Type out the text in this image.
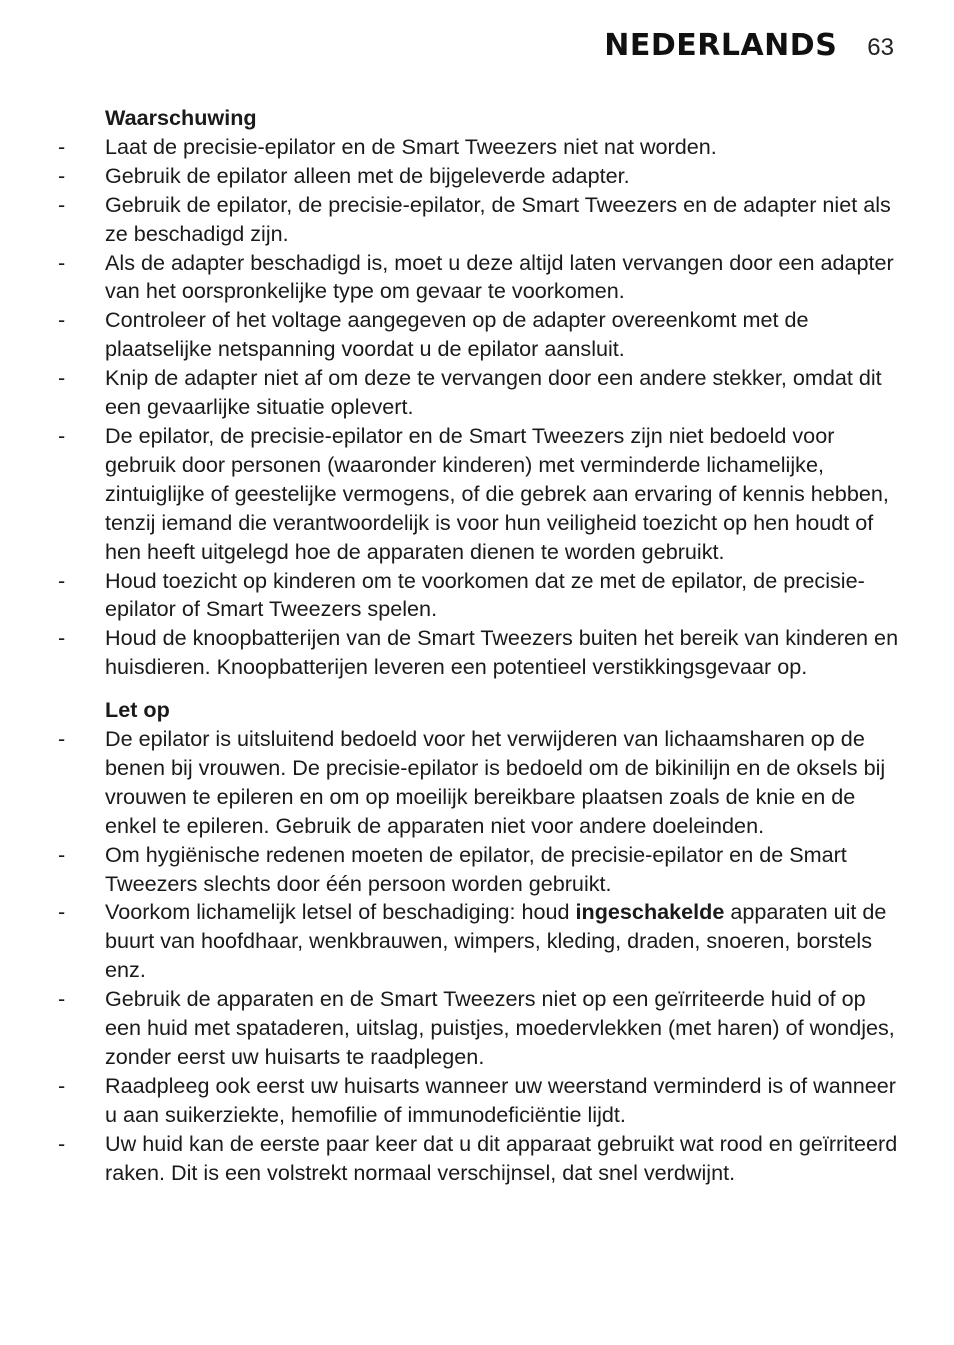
NEDERLANDS 63

Waarschuwing

- Laat de precisie-epilator en de Smart Tweezers niet nat worden.
- Gebruik de epilator alleen met de bijgeleverde adapter.
- Gebruik de epilator, de precisie-epilator, de Smart Tweezers en de adapter niet als ze beschadigd zijn.
- Als de adapter beschadigd is, moet u deze altijd laten vervangen door een adapter van het oorspronkelijke type om gevaar te voorkomen.
- Controleer of het voltage aangegeven op de adapter overeenkomt met de plaatselijke netspanning voordat u de epilator aansluit.
- Knip de adapter niet af om deze te vervangen door een andere stekker, omdat dit een gevaarlijke situatie oplevert.
- De epilator, de precisie-epilator en de Smart Tweezers zijn niet bedoeld voor gebruik door personen (waaronder kinderen) met verminderde lichamelijke, zintuiglijke of geestelijke vermogens, of die gebrek aan ervaring of kennis hebben, tenzij iemand die verantwoordelijk is voor hun veiligheid toezicht op hen houdt of hen heeft uitgelegd hoe de apparaten dienen te worden gebruikt.
- Houd toezicht op kinderen om te voorkomen dat ze met de epilator, de precisie-epilator of Smart Tweezers spelen.
- Houd de knoopbatterijen van de Smart Tweezers buiten het bereik van kinderen en huisdieren. Knoopbatterijen leveren een potentieel verstikkingsgevaar op.

Let op

- De epilator is uitsluitend bedoeld voor het verwijderen van lichaamsharen op de benen bij vrouwen. De precisie-epilator is bedoeld om de bikinilijn en de oksels bij vrouwen te epileren en om op moeilijk bereikbare plaatsen zoals de knie en de enkel te epileren. Gebruik de apparaten niet voor andere doeleinden.
- Om hygiënische redenen moeten de epilator, de precisie-epilator en de Smart Tweezers slechts door één persoon worden gebruikt.
- Voorkom lichamelijk letsel of beschadiging: houd ingeschakelde apparaten uit de buurt van hoofdhaar, wenkbrauwen, wimpers, kleding, draden, snoeren, borstels enz.
- Gebruik de apparaten en de Smart Tweezers niet op een geïrriteerde huid of op een huid met spataderen, uitslag, puistjes, moedervlekken (met haren) of wondjes, zonder eerst uw huisarts te raadplegen.
- Raadpleeg ook eerst uw huisarts wanneer uw weerstand verminderd is of wanneer u aan suikerziekte, hemofilie of immunodeficiëntie lijdt.
- Uw huid kan de eerste paar keer dat u dit apparaat gebruikt wat rood en geïrriteerd raken. Dit is een volstrekt normaal verschijnsel, dat snel verdwijnt.
